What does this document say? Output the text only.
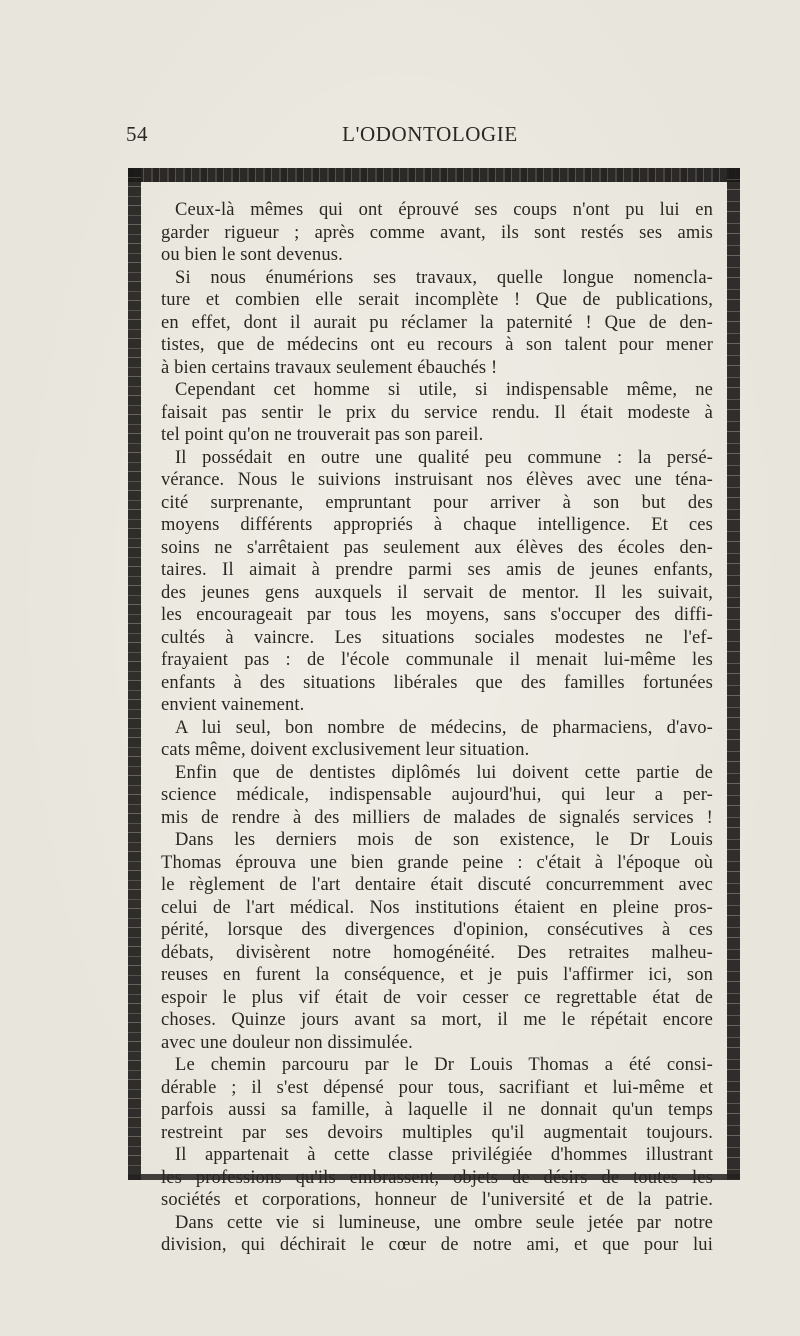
54	L'ODONTOLOGIE
Ceux-là mêmes qui ont éprouvé ses coups n'ont pu lui en
garder rigueur ; après comme avant, ils sont restés ses amis
ou bien le sont devenus.
Si nous énumérions ses travaux, quelle longue nomencla-
ture et combien elle serait incomplète ! Que de publications,
en effet, dont il aurait pu réclamer la paternité ! Que de den-
tistes, que de médecins ont eu recours à son talent pour mener
à bien certains travaux seulement ébauchés !
Cependant cet homme si utile, si indispensable même, ne
faisait pas sentir le prix du service rendu. Il était modeste à
tel point qu'on ne trouverait pas son pareil.
Il possédait en outre une qualité peu commune : la persé-
vérance. Nous le suivions instruisant nos élèves avec une téna-
cité surprenante, empruntant pour arriver à son but des
moyens différents appropriés à chaque intelligence. Et ces
soins ne s'arrêtaient pas seulement aux élèves des écoles den-
taires. Il aimait à prendre parmi ses amis de jeunes enfants,
des jeunes gens auxquels il servait de mentor. Il les suivait,
les encourageait par tous les moyens, sans s'occuper des diffi-
cultés à vaincre. Les situations sociales modestes ne l'ef-
frayaient pas : de l'école communale il menait lui-même les
enfants à des situations libérales que des familles fortunées
envient vainement.
A lui seul, bon nombre de médecins, de pharmaciens, d'avo-
cats même, doivent exclusivement leur situation.
Enfin que de dentistes diplômés lui doivent cette partie de
science médicale, indispensable aujourd'hui, qui leur a per-
mis de rendre à des milliers de malades de signalés services !
Dans les derniers mois de son existence, le Dr Louis
Thomas éprouva une bien grande peine : c'était à l'époque où
le règlement de l'art dentaire était discuté concurremment avec
celui de l'art médical. Nos institutions étaient en pleine pros-
périté, lorsque des divergences d'opinion, consécutives à ces
débats, divisèrent notre homogénéité. Des retraites malheu-
reuses en furent la conséquence, et je puis l'affirmer ici, son
espoir le plus vif était de voir cesser ce regrettable état de
choses. Quinze jours avant sa mort, il me le répétait encore
avec une douleur non dissimulée.
Le chemin parcouru par le Dr Louis Thomas a été consi-
dérable ; il s'est dépensé pour tous, sacrifiant et lui-même et
parfois aussi sa famille, à laquelle il ne donnait qu'un temps
restreint par ses devoirs multiples qu'il augmentait toujours.
Il appartenait à cette classe privilégiée d'hommes illustrant
les professions qu'ils embrassent, objets de désirs de toutes les
sociétés et corporations, honneur de l'université et de la patrie.
Dans cette vie si lumineuse, une ombre seule jetée par notre
division, qui déchirait le cœur de notre ami, et que pour lui
